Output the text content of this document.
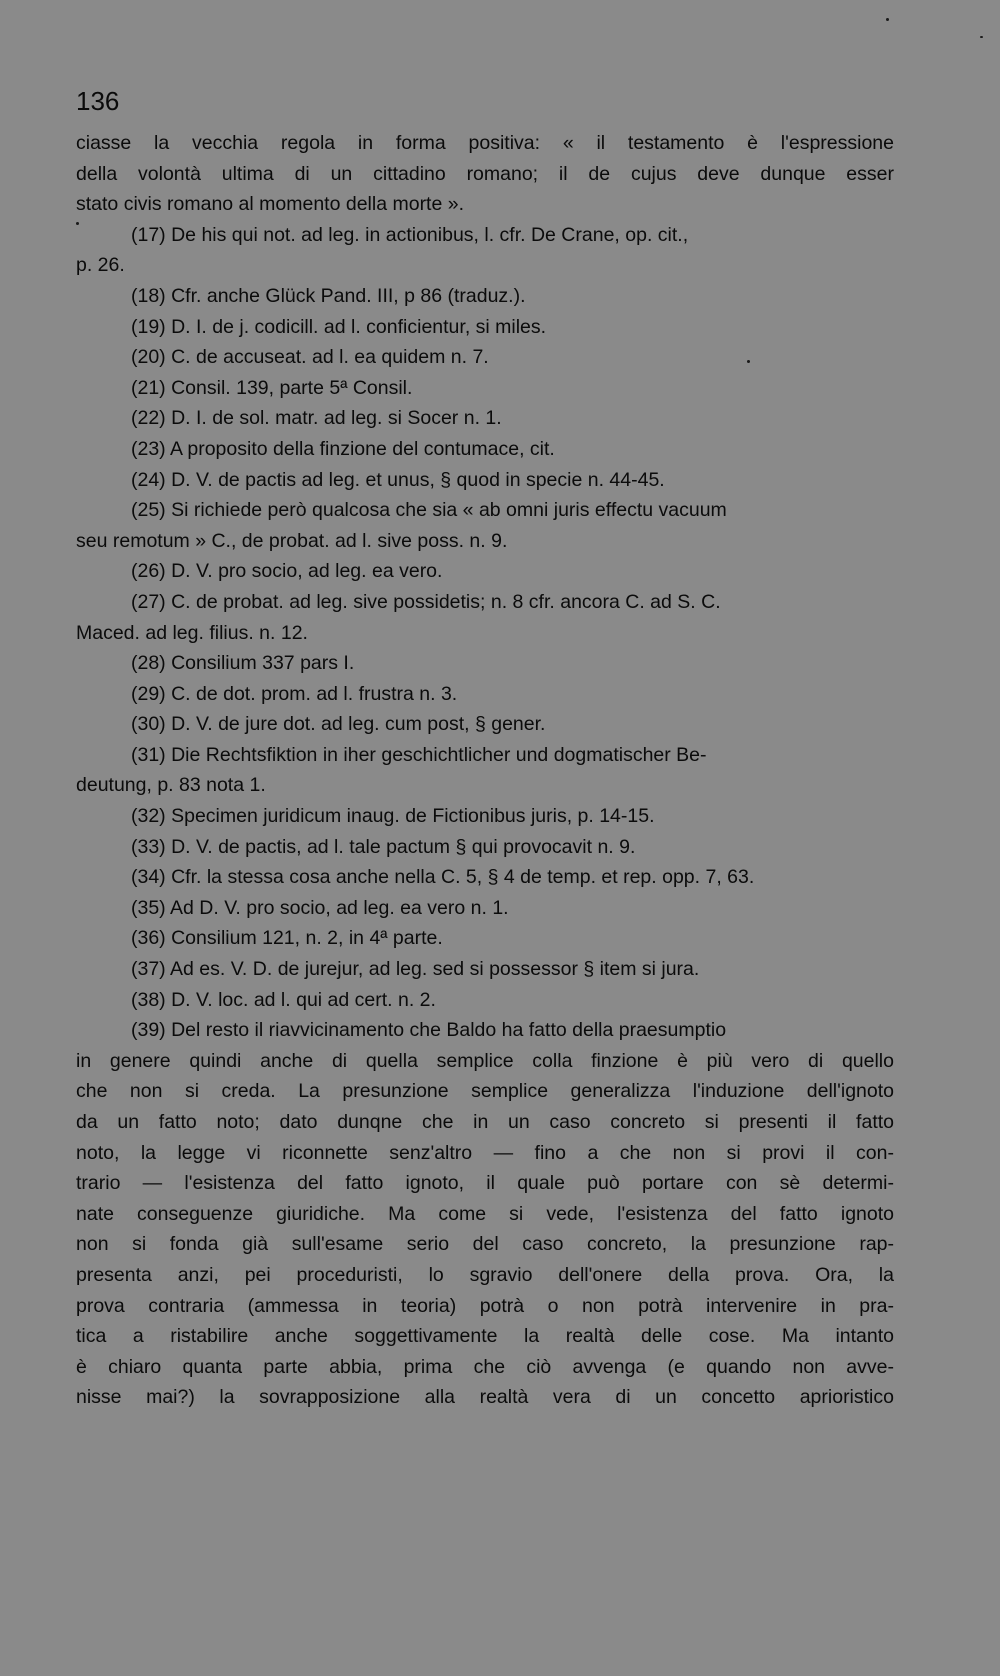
136
ciasse la vecchia regola in forma positiva: « il testamento è l'espressione
della volontà ultima di un cittadino romano; il de cujus deve dunque esser
stato civis romano al momento della morte ».
(17) De his qui not. ad leg. in actionibus, l. cfr. De Crane, op. cit.,
p. 26.
(18) Cfr. anche Glück Pand. III, p 86 (traduz.).
(19) D. I. de j. codicill. ad l. conficientur, si miles.
(20) C. de accuseat. ad l. ea quidem n. 7.
(21) Consil. 139, parte 5ª Consil.
(22) D. I. de sol. matr. ad leg. si Socer n. 1.
(23) A proposito della finzione del contumace, cit.
(24) D. V. de pactis ad leg. et unus, § quod in specie n. 44-45.
(25) Si richiede però qualcosa che sia « ab omni juris effectu vacuum
seu remotum » C., de probat. ad l. sive poss. n. 9.
(26) D. V. pro socio, ad leg. ea vero.
(27) C. de probat. ad leg. sive possidetis; n. 8 cfr. ancora C. ad S. C.
Maced. ad leg. filius. n. 12.
(28) Consilium 337 pars I.
(29) C. de dot. prom. ad l. frustra n. 3.
(30) D. V. de jure dot. ad leg. cum post, § gener.
(31) Die Rechtsfiktion in iher geschichtlicher und dogmatischer Be-
deutung, p. 83 nota 1.
(32) Specimen juridicum inaug. de Fictionibus juris, p. 14-15.
(33) D. V. de pactis, ad l. tale pactum § qui provocavit n. 9.
(34) Cfr. la stessa cosa anche nella C. 5, § 4 de temp. et rep. opp. 7, 63.
(35) Ad D. V. pro socio, ad leg. ea vero n. 1.
(36) Consilium 121, n. 2, in 4ª parte.
(37) Ad es. V. D. de jurejur, ad leg. sed si possessor § item si jura.
(38) D. V. loc. ad l. qui ad cert. n. 2.
(39) Del resto il riavvicinamento che Baldo ha fatto della praesumptio
in genere quindi anche di quella semplice colla finzione è più vero di quello
che non si creda. La presunzione semplice generalizza l'induzione dell'ignoto
da un fatto noto; dato dunqne che in un caso concreto si presenti il fatto
noto, la legge vi riconnette senz'altro — fino a che non si provi il con-
trario — l'esistenza del fatto ignoto, il quale può portare con sè determi-
nate conseguenze giuridiche. Ma come si vede, l'esistenza del fatto ignoto
non si fonda già sull'esame serio del caso concreto, la presunzione rap-
presenta anzi, pei proceduristi, lo sgravio dell'onere della prova. Ora, la
prova contraria (ammessa in teoria) potrà o non potrà intervenire in pra-
tica a ristabilire anche soggettivamente la realtà delle cose. Ma intanto
è chiaro quanta parte abbia, prima che ciò avvenga (e quando non avve-
nisse mai?) la sovrapposizione alla realtà vera di un concetto aprioristico
